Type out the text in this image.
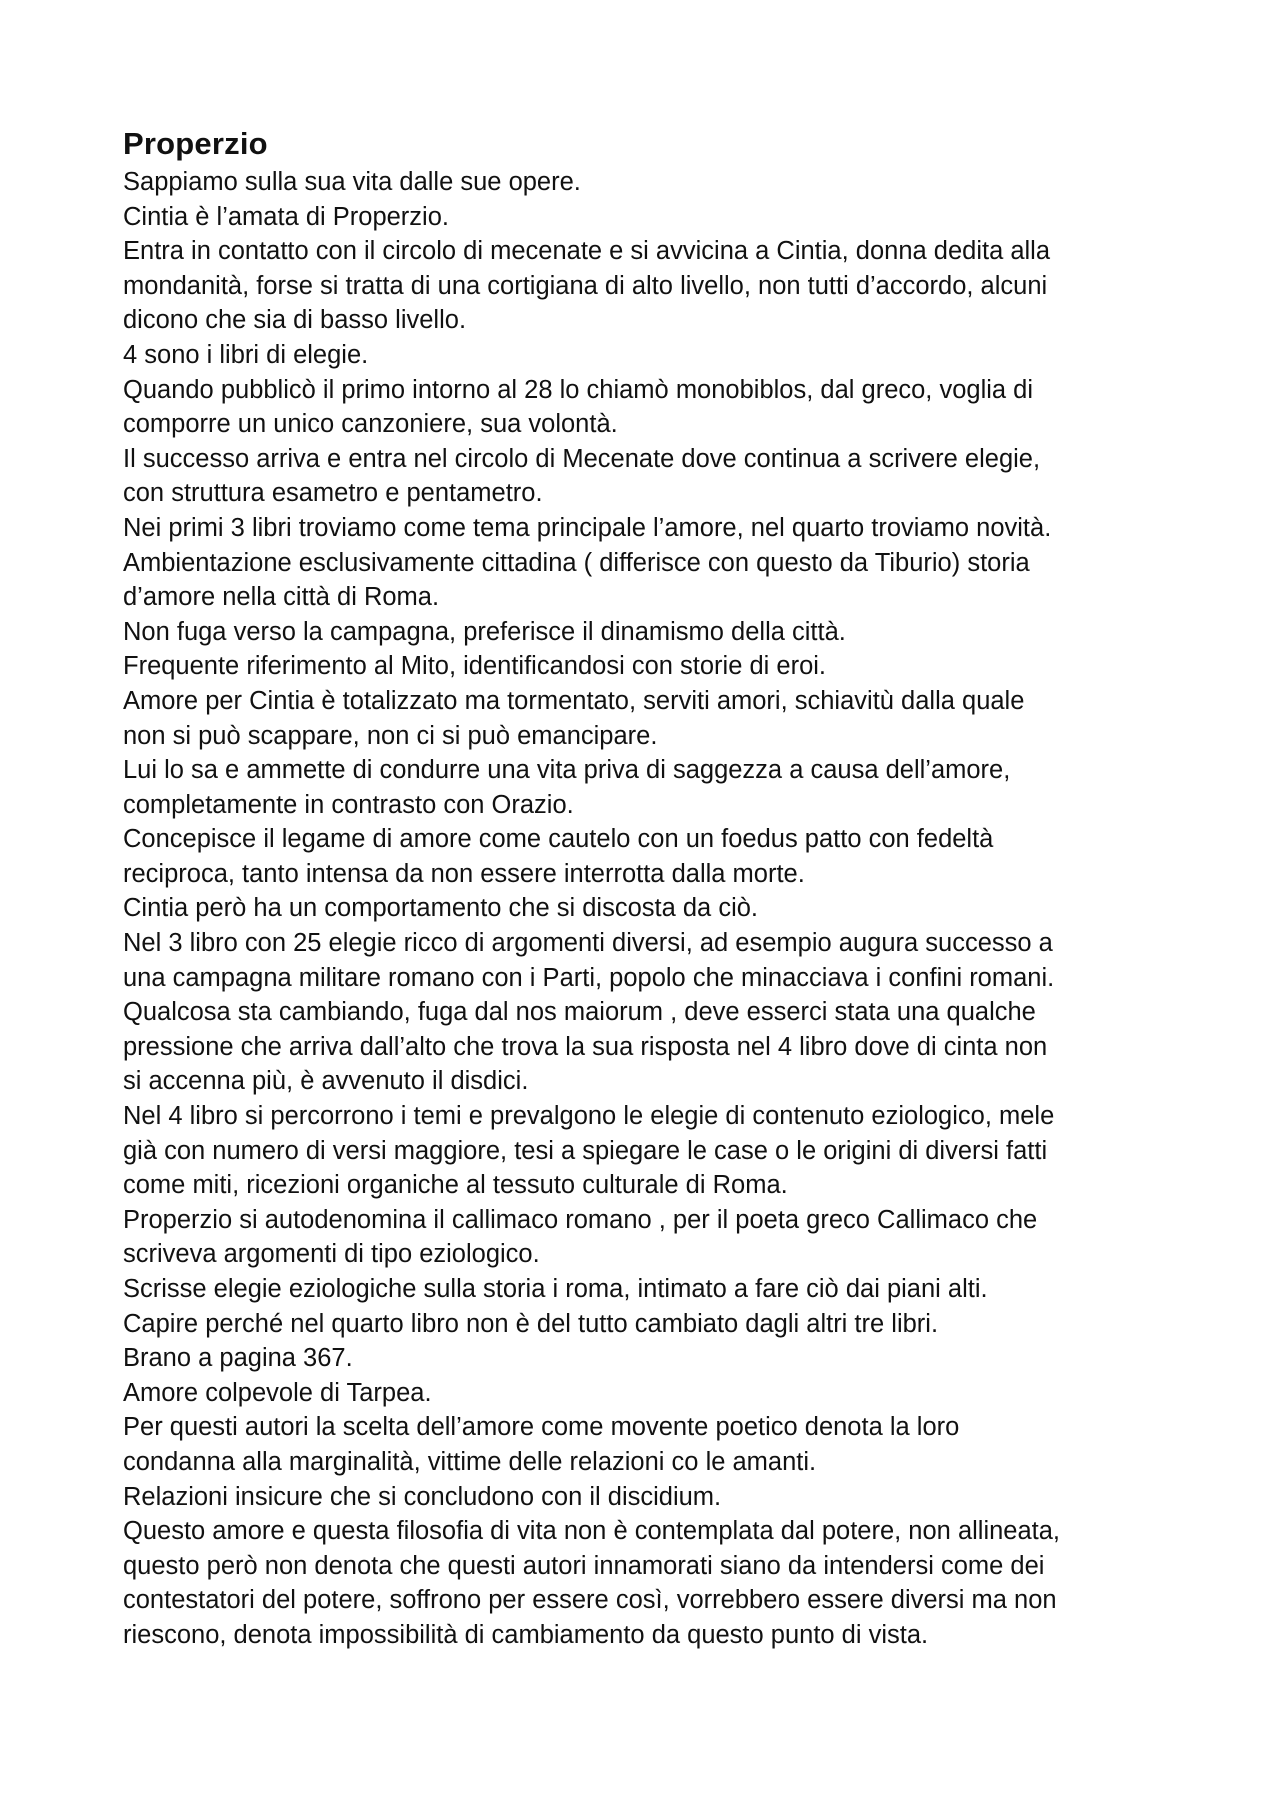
Properzio
Sappiamo sulla sua vita dalle sue opere.
Cintia è l’amata di Properzio.
Entra in contatto con il circolo di mecenate e si avvicina a Cintia, donna dedita alla
mondanità, forse si tratta di una cortigiana di alto livello, non tutti d’accordo, alcuni
dicono che sia di basso livello.
4 sono i libri di elegie.
Quando pubblicò il primo intorno al 28 lo chiamò monobiblos, dal greco, voglia di
comporre un unico canzoniere, sua volontà.
Il successo arriva e entra nel circolo di Mecenate dove continua a scrivere elegie,
con struttura esametro e pentametro.
Nei primi 3 libri troviamo come tema principale l’amore, nel quarto troviamo novità.
Ambientazione esclusivamente cittadina ( differisce con questo da Tiburio) storia
d’amore nella città di Roma.
Non fuga verso la campagna, preferisce il dinamismo della città.
Frequente riferimento al Mito, identificandosi con storie di eroi.
Amore per Cintia è totalizzato ma tormentato, serviti amori, schiavitù dalla quale
non si può scappare, non ci si può emancipare.
Lui lo sa e ammette di condurre una vita priva di saggezza a causa dell’amore,
completamente in contrasto con Orazio.
Concepisce il legame di amore come cautelo con un foedus patto con fedeltà
reciproca, tanto intensa da non essere interrotta dalla morte.
Cintia però ha un comportamento che si discosta da ciò.
Nel 3 libro con 25 elegie ricco di argomenti diversi, ad esempio augura successo a
una campagna militare romano con i Parti, popolo che minacciava i confini romani.
Qualcosa sta cambiando, fuga dal nos maiorum , deve esserci stata una qualche
pressione che arriva dall’alto che trova la sua risposta nel 4 libro dove di cinta non
si accenna più, è avvenuto il disdici.
Nel 4 libro si percorrono i temi e prevalgono le elegie di contenuto eziologico, mele
già con numero di versi maggiore, tesi a spiegare le case o le origini di diversi fatti
come miti, ricezioni organiche al tessuto culturale di Roma.
Properzio si autodenomina il callimaco romano , per il poeta greco Callimaco che
scriveva argomenti di tipo eziologico.
Scrisse elegie eziologiche sulla storia i roma, intimato a fare ciò dai piani alti.
Capire perché nel quarto libro non è del tutto cambiato dagli altri tre libri.
Brano a pagina 367.
Amore colpevole di Tarpea.
Per questi autori la scelta dell’amore come movente poetico denota la loro
condanna alla marginalità, vittime delle relazioni co le amanti.
Relazioni insicure che si concludono con il discidium.
Questo amore e questa filosofia di vita non è contemplata dal potere, non allineata,
questo però non denota che questi autori innamorati siano da intendersi come dei
contestatori del potere, soffrono per essere così, vorrebbero essere diversi ma non
riescono, denota impossibilità di cambiamento da questo punto di vista.
